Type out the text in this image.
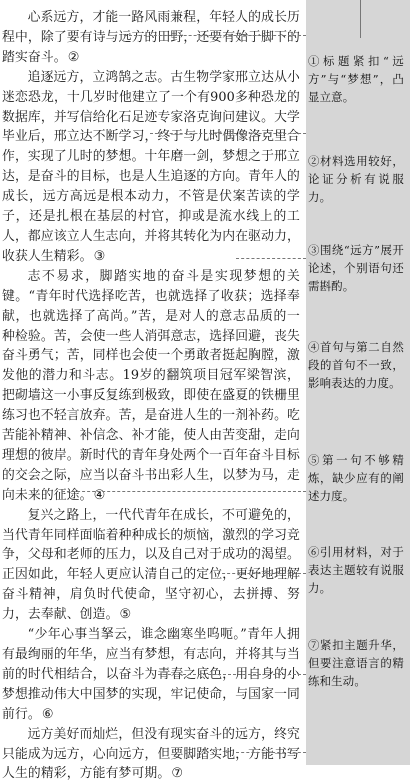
心系远方，才能一路风雨兼程，年轻人的成长历程中，除了要有诗与远方的田野，还要有始于脚下的踏实奋斗。②

追逐远方，立鸿鹄之志。古生物学家邢立达从小迷恋恐龙，十几岁时他建立了一个有900多种恐龙的数据库，并写信给化石足迹专家洛克询问建议。大学毕业后，邢立达不断学习，终于与儿时偶像洛克里合作，实现了儿时的梦想。十年磨一剑，梦想之于邢立达，是奋斗的目标，也是人生追逐的方向。青年人的成长，远方高远是根本动力，不管是伏案苦读的学子，还是扎根在基层的村官，抑或是流水线上的工人，都应该立人生志向，并将其转化为内在驱动力，收获人生精彩。③

志不易求，脚踏实地的奋斗是实现梦想的关键。“青年时代选择吃苦，也就选择了收获；选择奉献，也就选择了高尚。”苦，是对人的意志品质的一种检验。苦，会使一些人消弭意志，选择回避，丧失奋斗勇气；苦，同样也会使一个勇敢者挺起胸膛，激发他的潜力和斗志。19岁的翻筑项目冠军梁智滨，把砌墙这一小事反复练到极致，即使在盛夏的铁栅里练习也不轻言放弃。苦，是奋进人生的一剂补药。吃苦能补精神、补信念、补才能，使人由苦变甜，走向理想的彼岸。新时代的青年身处两个一百年奋斗目标的交会之际，应当以奋斗书出彩人生，以梦为马，走向未来的征途。④

复兴之路上，一代代青年在成长，不可避免的，当代青年同样面临着种种成长的烦恼，激烈的学习竞争，父母和老师的压力，以及自己对于成功的渴望。正因如此，年轻人更应认清自己的定位，更好地理解奋斗精神，肩负时代使命，坚守初心，去拼搏、努力，去奉献、创造。⑤

“少年心事当拏云，谁念幽寒坐呜呃。”青年人拥有最绚丽的年华，应当有梦想，有志向，并将其与当前的时代相结合，以奋斗为青春之底色，用自身的小梦想推动伟大中国梦的实现，牢记使命，与国家一同前行。⑥

远方美好而灿烂，但没有现实奋斗的远方，终究只能成为远方，心向远方，但要脚踏实地，方能书写人生的精彩，方能有梦可期。⑦

①标题紧扣“远方”与“梦想”，凸显立意。
②材料选用较好，论证分析有说服力。
③围绕“远方”展开论述，个别语句还需斟酌。
④首句与第二自然段的首句不一致，影响表达的力度。
⑤第一句不够精炼，缺少应有的阐述力度。
⑥引用材料，对于表达主题较有说服力。
⑦紧扣主题升华，但要注意语言的精练和生动。
